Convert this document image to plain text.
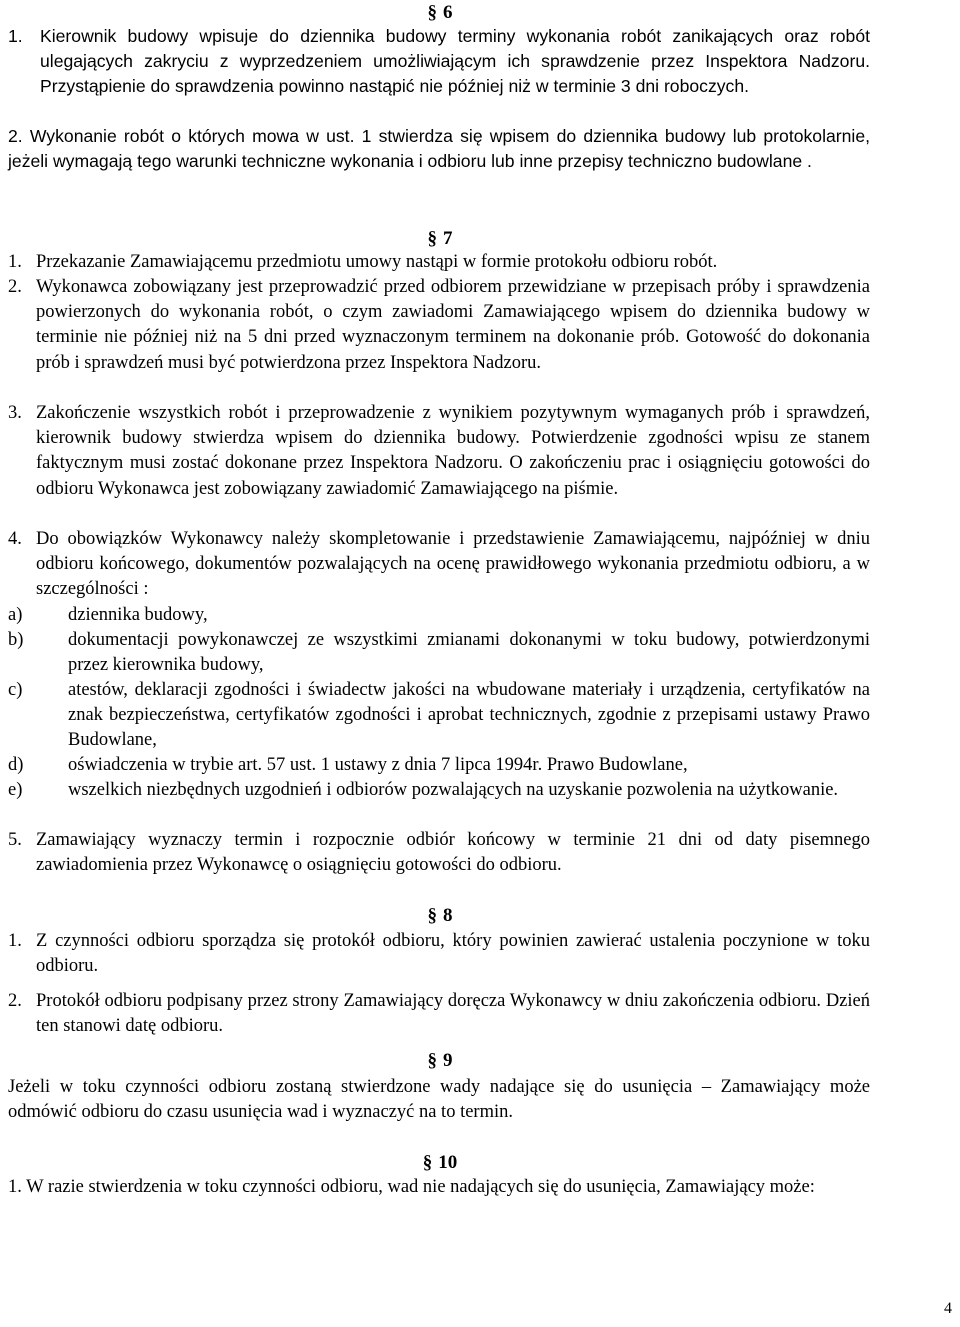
§ 6
1. Kierownik budowy wpisuje do dziennika budowy terminy wykonania robót zanikających oraz robót ulegających zakryciu z wyprzedzeniem umożliwiającym ich sprawdzenie przez Inspektora Nadzoru. Przystąpienie do sprawdzenia powinno nastąpić nie później niż w terminie 3 dni roboczych.
2. Wykonanie robót o których mowa w ust. 1 stwierdza się wpisem do dziennika budowy lub protokolarnie, jeżeli wymagają tego warunki techniczne wykonania i odbioru lub inne przepisy techniczno budowlane .
§ 7
1. Przekazanie Zamawiającemu przedmiotu umowy nastąpi w formie protokołu odbioru robót.
2. Wykonawca zobowiązany jest przeprowadzić przed odbiorem przewidziane w przepisach próby i sprawdzenia powierzonych do wykonania robót, o czym zawiadomi Zamawiającego wpisem do dziennika budowy w terminie nie później niż na 5 dni przed wyznaczonym terminem na dokonanie prób. Gotowość do dokonania prób i sprawdzeń musi być potwierdzona przez Inspektora Nadzoru.
3. Zakończenie wszystkich robót i przeprowadzenie z wynikiem pozytywnym wymaganych prób i sprawdzeń, kierownik budowy stwierdza wpisem do dziennika budowy. Potwierdzenie zgodności wpisu ze stanem faktycznym musi zostać dokonane przez Inspektora Nadzoru. O zakończeniu prac i osiągnięciu gotowości do odbioru Wykonawca jest zobowiązany zawiadomić Zamawiającego na piśmie.
4. Do obowiązków Wykonawcy należy skompletowanie i przedstawienie Zamawiającemu, najpóźniej w dniu odbioru końcowego, dokumentów pozwalających na ocenę prawidłowego wykonania przedmiotu odbioru, a w szczególności :
a) dziennika budowy,
b) dokumentacji powykonawczej ze wszystkimi zmianami dokonanymi w toku budowy, potwierdzonymi przez kierownika budowy,
c) atestów, deklaracji zgodności i świadectw jakości na wbudowane materiały i urządzenia, certyfikatów na znak bezpieczeństwa, certyfikatów zgodności i aprobat technicznych, zgodnie z przepisami ustawy Prawo Budowlane,
d) oświadczenia w trybie art. 57 ust. 1 ustawy z dnia 7 lipca 1994r. Prawo Budowlane,
e) wszelkich niezbędnych uzgodnień i odbiorów pozwalających na uzyskanie pozwolenia na użytkowanie.
5. Zamawiający wyznaczy termin i rozpocznie odbiór końcowy w terminie 21 dni od daty pisemnego zawiadomienia przez Wykonawcę o osiągnięciu gotowości do odbioru.
§ 8
1. Z czynności odbioru sporządza się protokół odbioru, który powinien zawierać ustalenia poczynione w toku odbioru.
2. Protokół odbioru podpisany przez strony Zamawiający doręcza Wykonawcy w dniu zakończenia odbioru. Dzień ten stanowi datę odbioru.
§ 9
Jeżeli w toku czynności odbioru zostaną stwierdzone wady nadające się do usunięcia – Zamawiający może odmówić odbioru do czasu usunięcia wad i wyznaczyć na to termin.
§ 10
1. W razie stwierdzenia w toku czynności odbioru, wad nie nadających się do usunięcia, Zamawiający może:
4
